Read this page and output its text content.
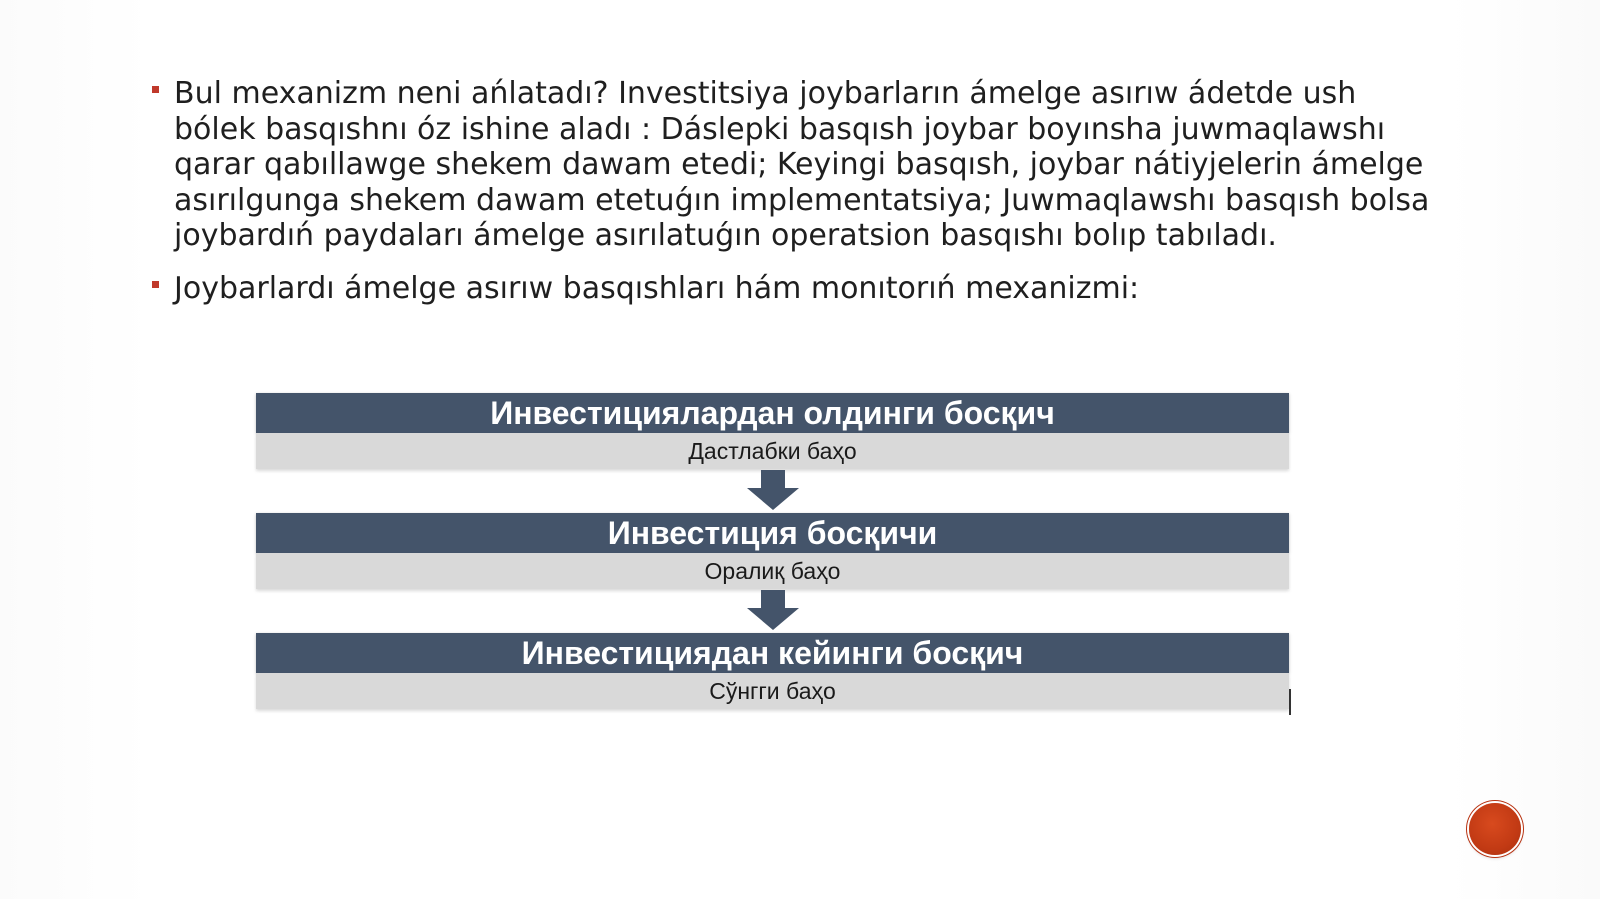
Bul mexanizm neni ańlatadı? Investitsiya joybarların ámelge asırıw ádetde ush bólek basqıshnı óz ishine aladı : Dáslepki basqısh joybar boyınsha juwmaqlawshı qarar qabıllawge shekem dawam etedi; Keyingi basqısh, joybar nátiyjelerin ámelge asırılgunga shekem dawam etetuǵın implementatsiya; Juwmaqlawshı basqısh bolsa joybardıń paydaları ámelge asırılatuǵın operatsion basqıshı bolıp tabıladı.
Joybarlardı ámelge asırıw basqıshları hám monıtorıń mexanizmi:
Инвестициялардан олдинги босқич
Дастлабки баҳо
Инвестиция босқичи
Оралиқ баҳо
Инвестициядан кейинги босқич
Сўнгги баҳо
